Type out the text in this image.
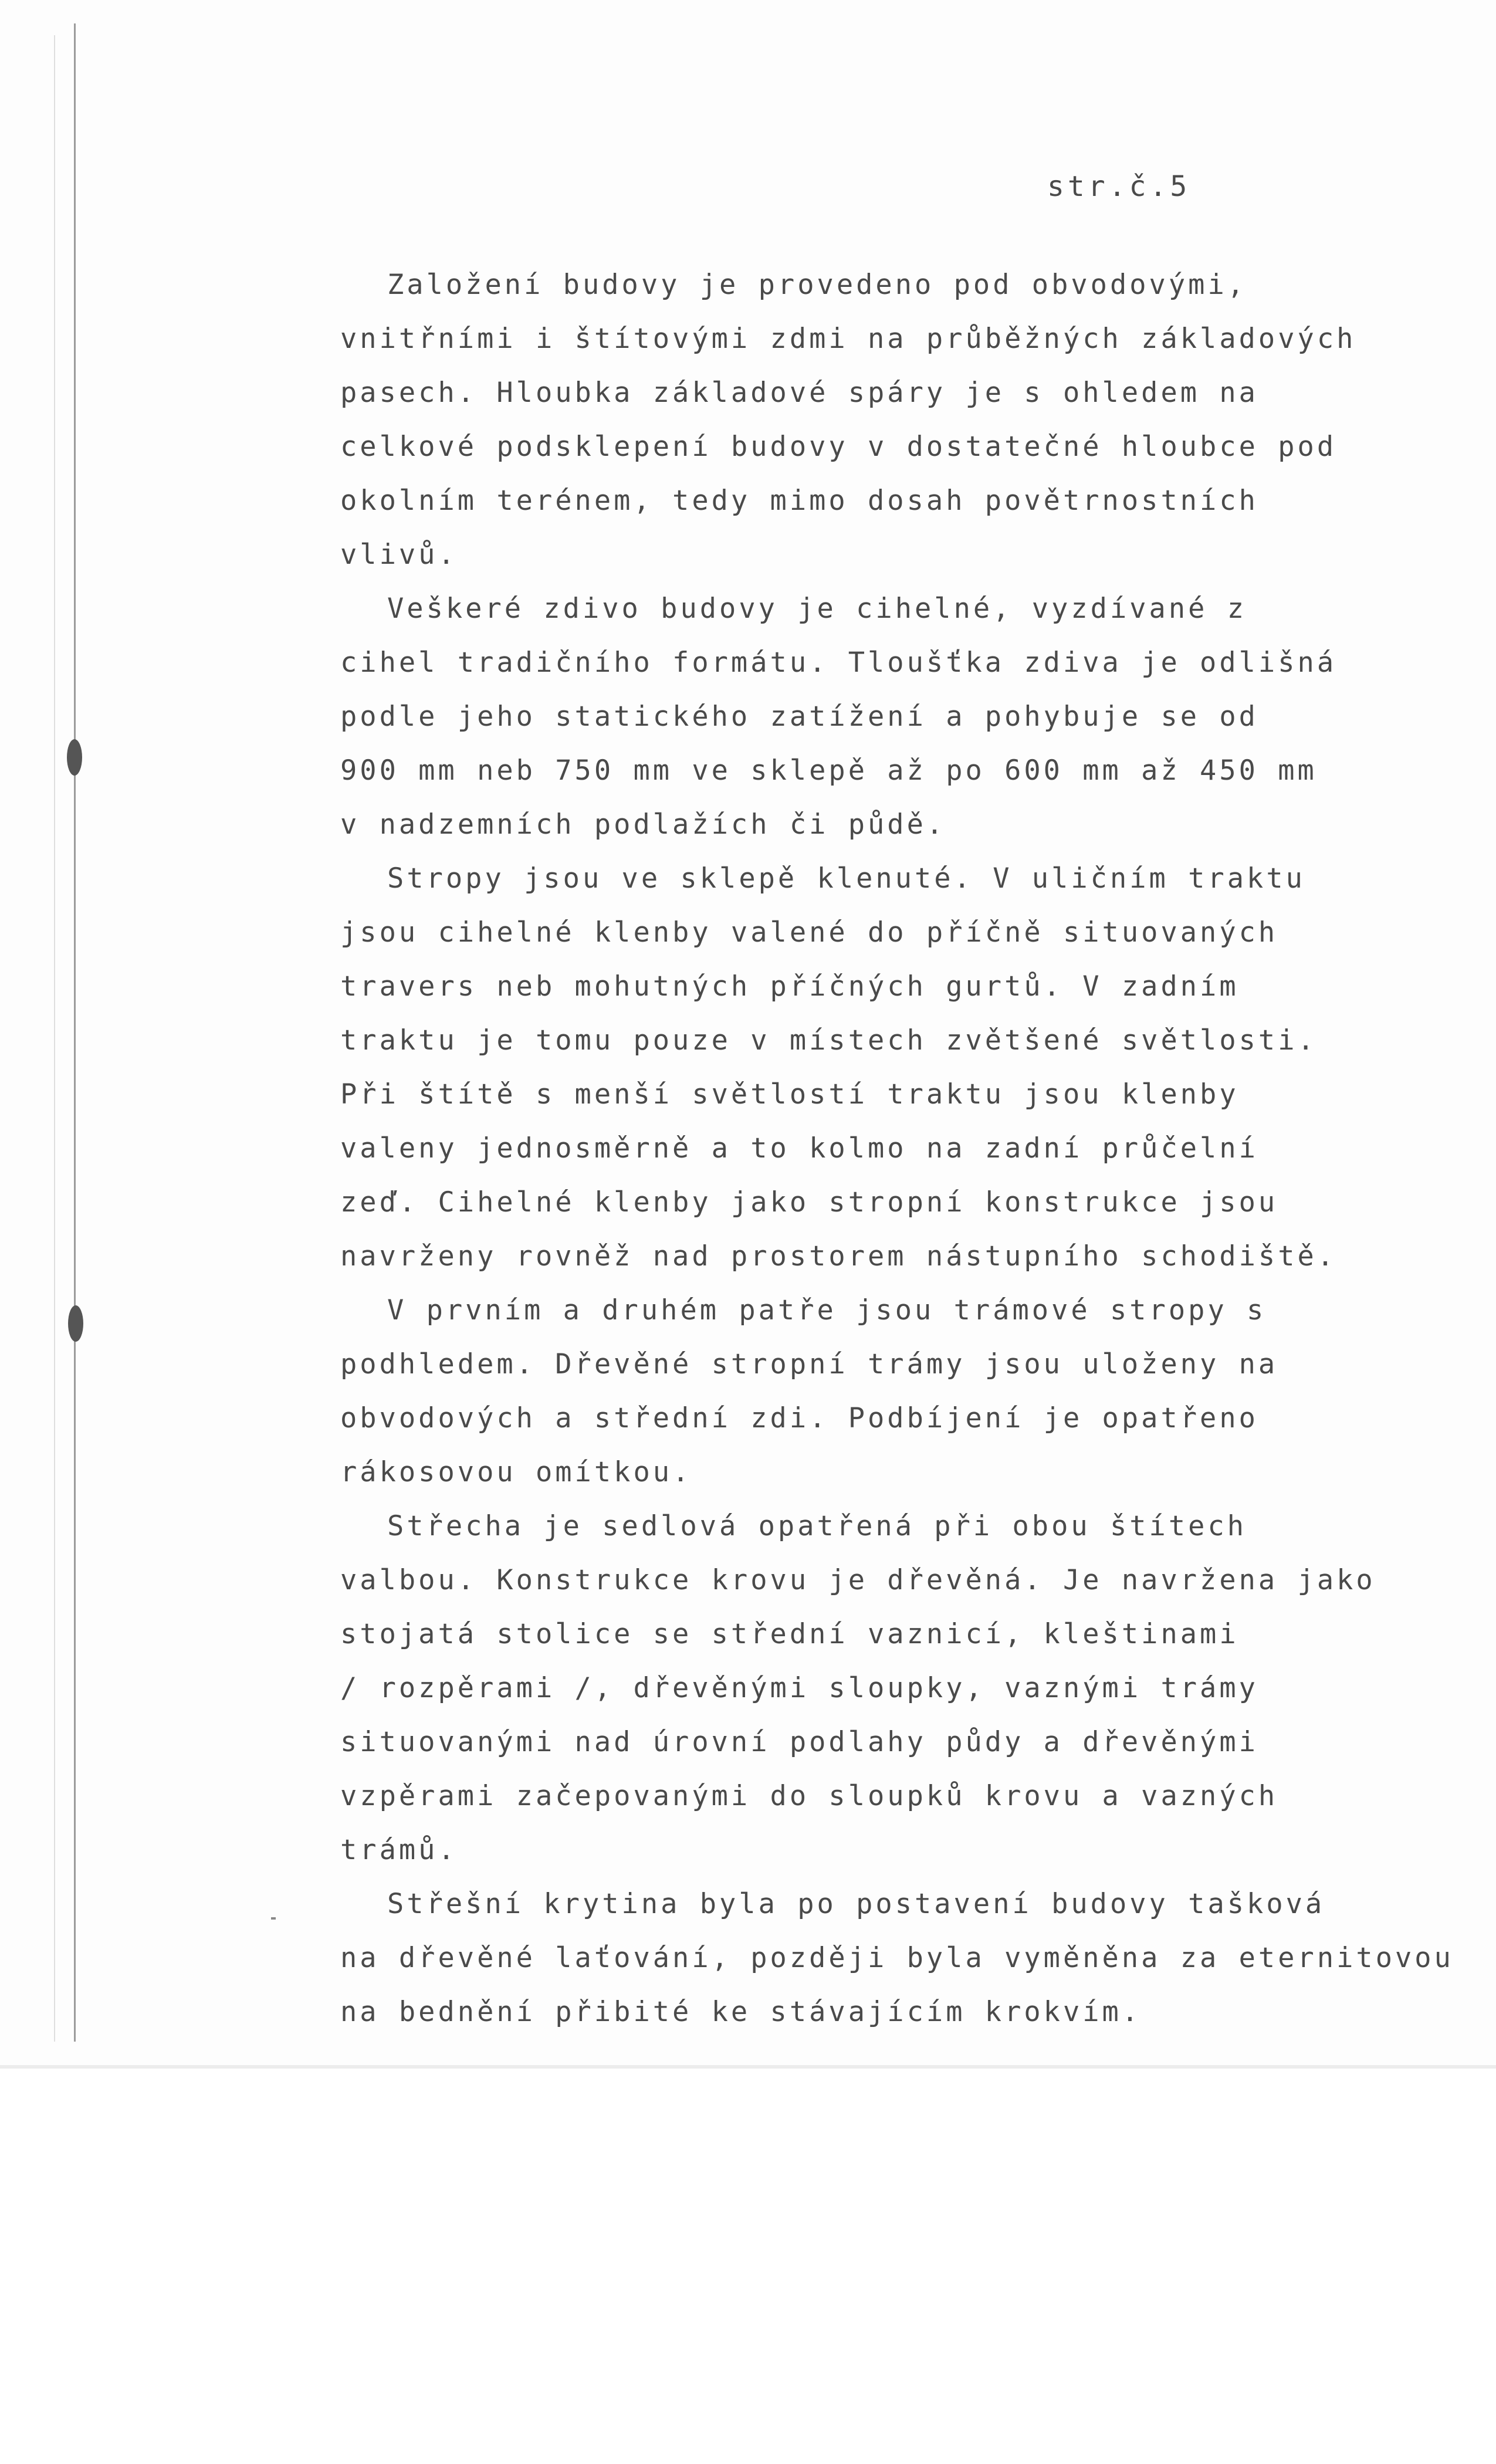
str.č.5

Založení budovy je provedeno pod obvodovými,
vnitřními i štítovými zdmi na průběžných základových
pasech. Hloubka základové spáry je s ohledem na
celkové podsklepení budovy v dostatečné hloubce pod
okolním terénem, tedy mimo dosah povětrnostních
vlivů.
Veškeré zdivo budovy je cihelné, vyzdívané z
cihel tradičního formátu. Tloušťka zdiva je odlišná
podle jeho statického zatížení a pohybuje se od
900 mm neb 750 mm ve sklepě až po 600 mm až 450 mm
v nadzemních podlažích či půdě.
Stropy jsou ve sklepě klenuté. V uličním traktu
jsou cihelné klenby valené do příčně situovaných
travers neb mohutných příčných gurtů. V zadním
traktu je tomu pouze v místech zvětšené světlosti.
Při štítě s menší světlostí traktu jsou klenby
valeny jednosměrně a to kolmo na zadní průčelní
zeď. Cihelné klenby jako stropní konstrukce jsou
navrženy rovněž nad prostorem nástupního schodiště.
V prvním a druhém patře jsou trámové stropy s
podhledem. Dřevěné stropní trámy jsou uloženy na
obvodových a střední zdi. Podbíjení je opatřeno
rákosovou omítkou.
Střecha je sedlová opatřená při obou štítech
valbou. Konstrukce krovu je dřevěná. Je navržena jako
stojatá stolice se střední vaznicí, kleštinami
/ rozpěrami /, dřevěnými sloupky, vaznými trámy
situovanými nad úrovní podlahy půdy a dřevěnými
vzpěrami začepovanými do sloupků krovu a vazných
trámů.
Střešní krytina byla po postavení budovy tašková
na dřevěné laťování, později byla vyměněna za eternitovou
na bednění přibité ke stávajícím krokvím.
